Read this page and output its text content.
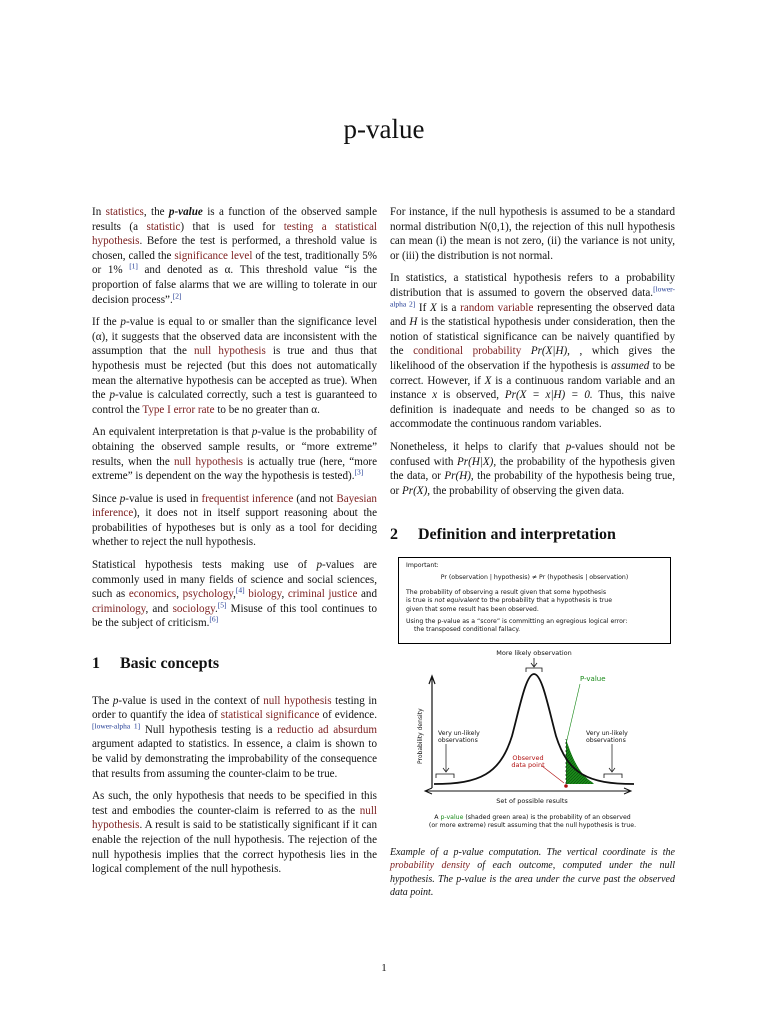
p-value

In statistics, the p-value is a function of the observed sample results (a statistic) that is used for testing a statistical hypothesis. Before the test is performed, a threshold value is chosen, called the significance level of the test, traditionally 5% or 1% [1] and denoted as α. This threshold value “is the proportion of false alarms that we are willing to tolerate in our decision process”.[2]

If the p-value is equal to or smaller than the significance level (α), it suggests that the observed data are inconsistent with the assumption that the null hypothesis is true and thus that hypothesis must be rejected (but this does not automatically mean the alternative hypothesis can be accepted as true). When the p-value is calculated correctly, such a test is guaranteed to control the Type I error rate to be no greater than α.

An equivalent interpretation is that p-value is the probability of obtaining the observed sample results, or “more extreme” results, when the null hypothesis is actually true (here, “more extreme” is dependent on the way the hypothesis is tested).[3]

Since p-value is used in frequentist inference (and not Bayesian inference), it does not in itself support reasoning about the probabilities of hypotheses but is only as a tool for deciding whether to reject the null hypothesis.

Statistical hypothesis tests making use of p-values are commonly used in many fields of science and social sciences, such as economics, psychology,[4] biology, criminal justice and criminology, and sociology.[5] Misuse of this tool continues to be the subject of criticism.[6]

1 Basic concepts

The p-value is used in the context of null hypothesis testing in order to quantify the idea of statistical significance of evidence.[lower-alpha 1] Null hypothesis testing is a reductio ad absurdum argument adapted to statistics. In essence, a claim is shown to be valid by demonstrating the improbability of the consequence that results from assuming the counter-claim to be true.

As such, the only hypothesis that needs to be specified in this test and embodies the counter-claim is referred to as the null hypothesis. A result is said to be statistically significant if it can enable the rejection of the null hypothesis. The rejection of the null hypothesis implies that the correct hypothesis lies in the logical complement of the null hypothesis.

For instance, if the null hypothesis is assumed to be a standard normal distribution N(0,1), the rejection of this null hypothesis can mean (i) the mean is not zero, (ii) the variance is not unity, or (iii) the distribution is not normal.

In statistics, a statistical hypothesis refers to a probability distribution that is assumed to govern the observed data.[lower-alpha 2] If X is a random variable representing the observed data and H is the statistical hypothesis under consideration, then the notion of statistical significance can be naively quantified by the conditional probability Pr(X|H), , which gives the likelihood of the observation if the hypothesis is assumed to be correct. However, if X is a continuous random variable and an instance x is observed, Pr(X = x|H) = 0. Thus, this naive definition is inadequate and needs to be changed so as to accommodate the continuous random variables.

Nonetheless, it helps to clarify that p-values should not be confused with Pr(H|X), the probability of the hypothesis given the data, or Pr(H), the probability of the hypothesis being true, or Pr(X), the probability of observing the given data.

2 Definition and interpretation
Important:
Pr (observation | hypothesis) ≠ Pr (hypothesis | observation)
The probability of observing a result given that some hypothesis
is true is not equivalent to the probability that a hypothesis is true
given that some result has been observed.
Using the p-value as a “score” is committing an egregious logical error:
the transposed conditional fallacy.
More likely observation
P-value
Probability density	Observed
data point
Very un-likely
observations
Very un-likely
observations
Set of possible results
A p-value (shaded green area) is the probability of an observed
(or more extreme) result assuming that the null hypothesis is true.
Example of a p-value computation. The vertical coordinate is the probability density of each outcome, computed under the null hypothesis. The p-value is the area under the curve past the observed data point.
1
